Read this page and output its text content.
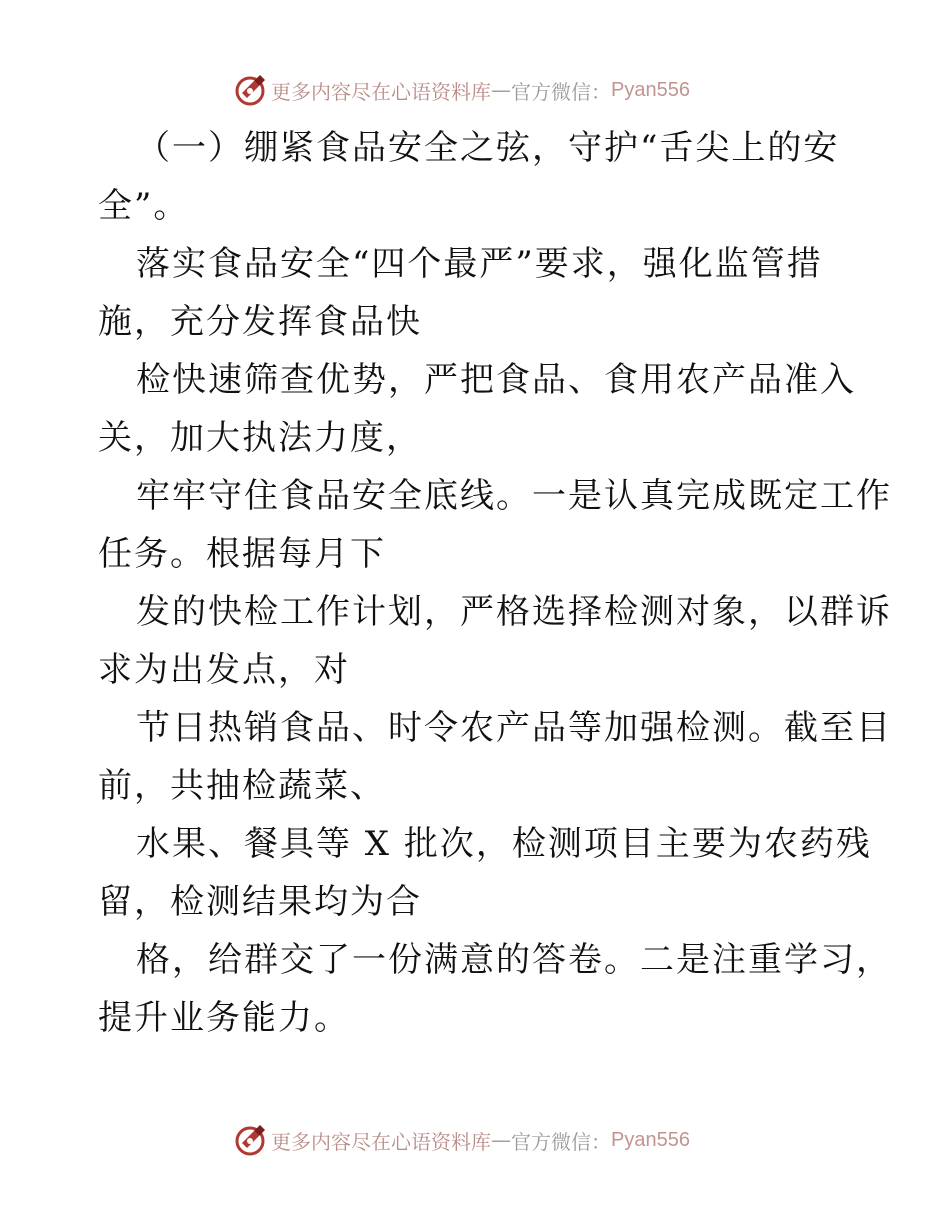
更多内容尽在心语资料库 — 官方微信： Pyan556
（一）绷紧食品安全之弦，守护“舌尖上的安
全”。
落实食品安全“四个最严”要求，强化监管措
施，充分发挥食品快
检快速筛查优势，严把食品、食用农产品准入
关，加大执法力度，
牢牢守住食品安全底线。一是认真完成既定工作
任务。根据每月下
发的快检工作计划，严格选择检测对象，以群诉
求为出发点，对
节日热销食品、时令农产品等加强检测。截至目
前，共抽检蔬菜、
水果、餐具等 X 批次，检测项目主要为农药残
留，检测结果均为合
格，给群交了一份满意的答卷。二是注重学习，
提升业务能力。
更多内容尽在心语资料库 — 官方微信： Pyan556
